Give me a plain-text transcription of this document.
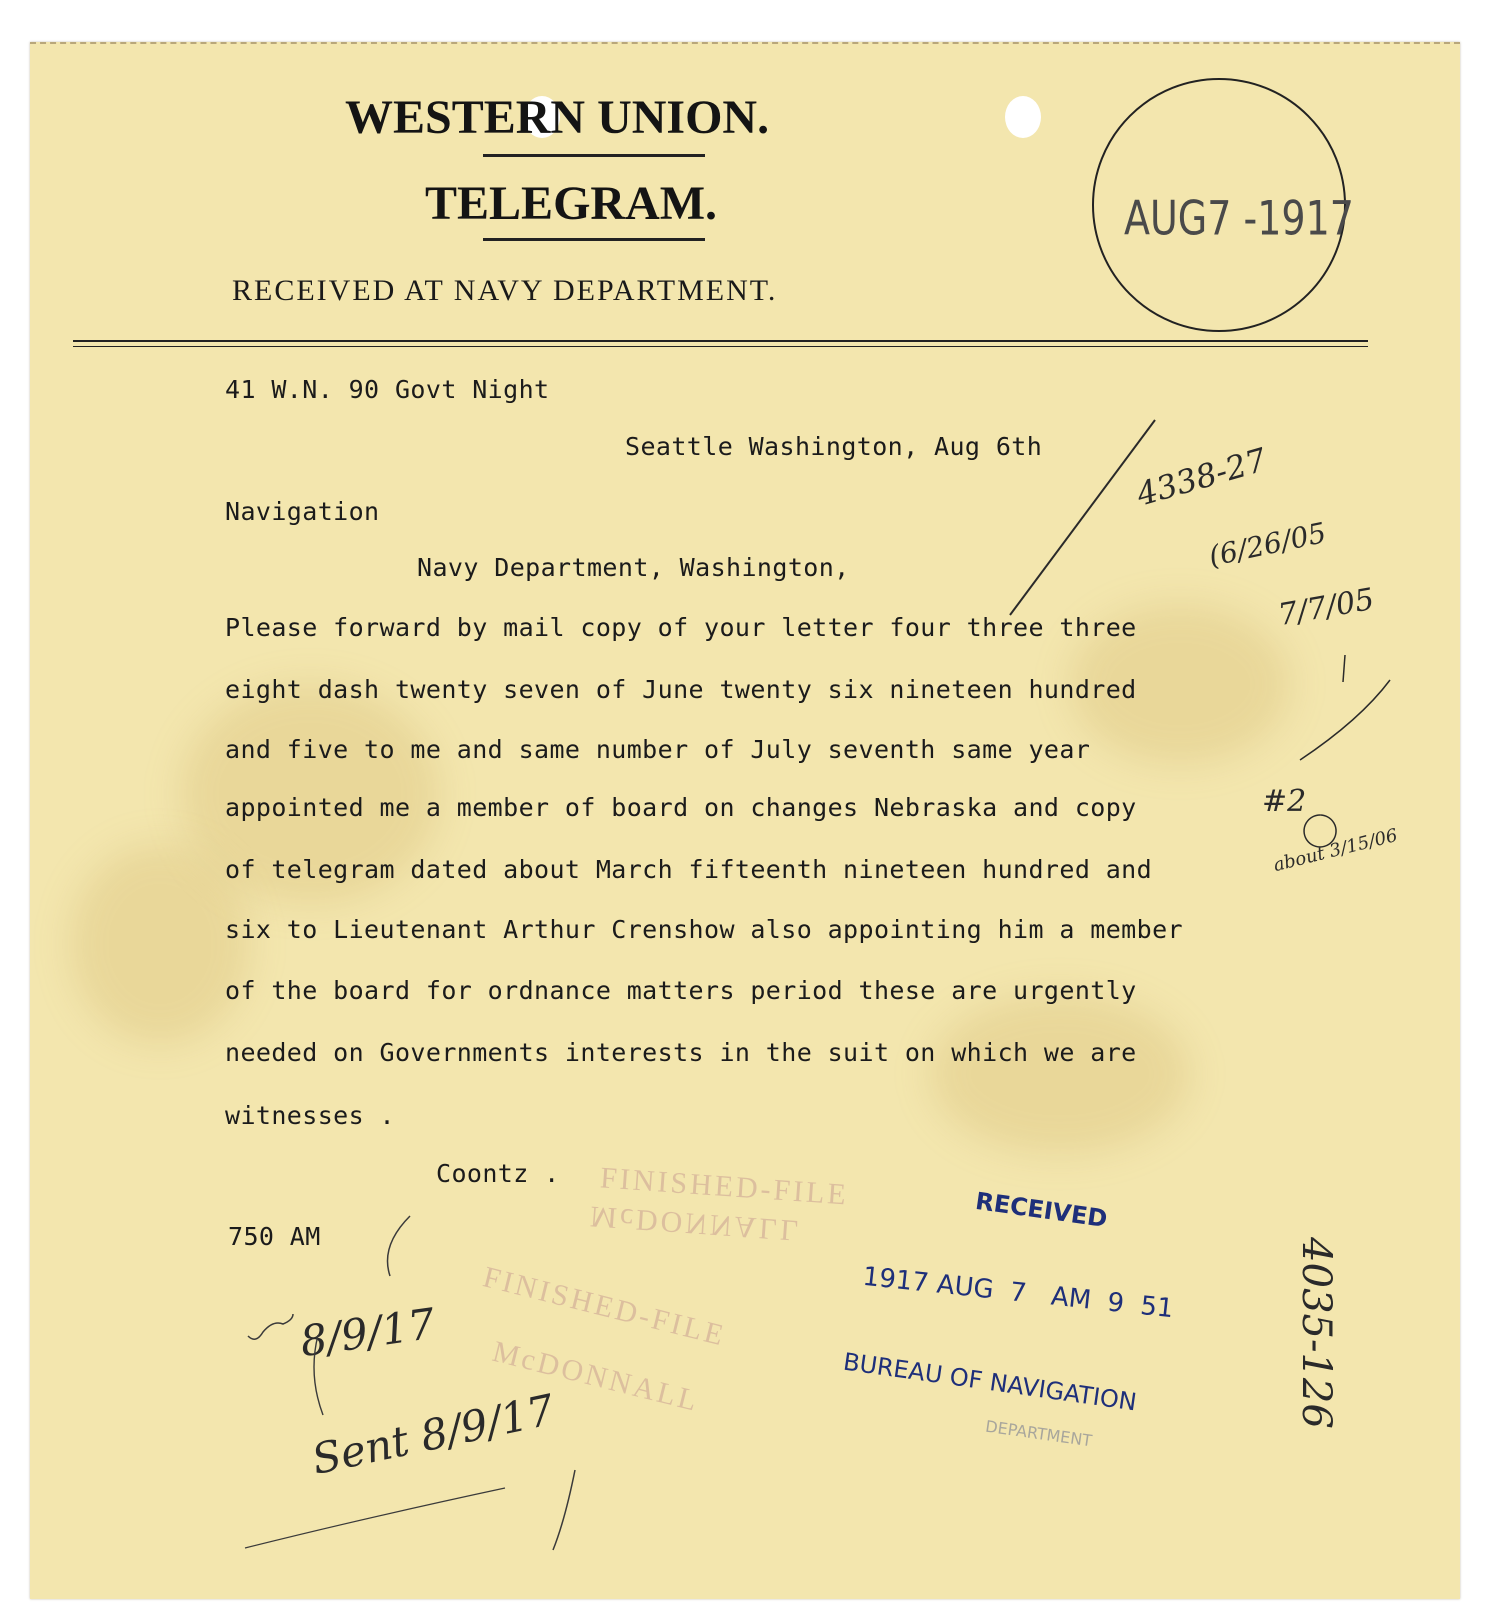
WESTERN UNION.
TELEGRAM.
RECEIVED AT NAVY DEPARTMENT.
AUG7 -1917
41 W.N. 90 Govt Night
Seattle Washington, Aug 6th
Navigation
Navy Department, Washington,
Please forward by mail copy of your letter four three three
eight dash twenty seven of June twenty six nineteen hundred
and five to me and same number of July seventh same year
appointed me a member of board on changes Nebraska and copy
of telegram dated about March fifteenth nineteen hundred and
six to Lieutenant Arthur Crenshow also appointing him a member
of the board for ordnance matters period these are urgently
needed on Governments interests in the suit on which we are
witnesses .
Coontz .
750 AM
FINISHED-FILE
McDONNALL
FINISHED-FILE
McDONNALL
RECEIVED
1917 AUG  7   AM  9  51
BUREAU OF NAVIGATION
DEPARTMENT
4338-27
(6/26/05
7/7/05
#2
about 3/15/06
4035-126
8/9/17
Sent 8/9/17
